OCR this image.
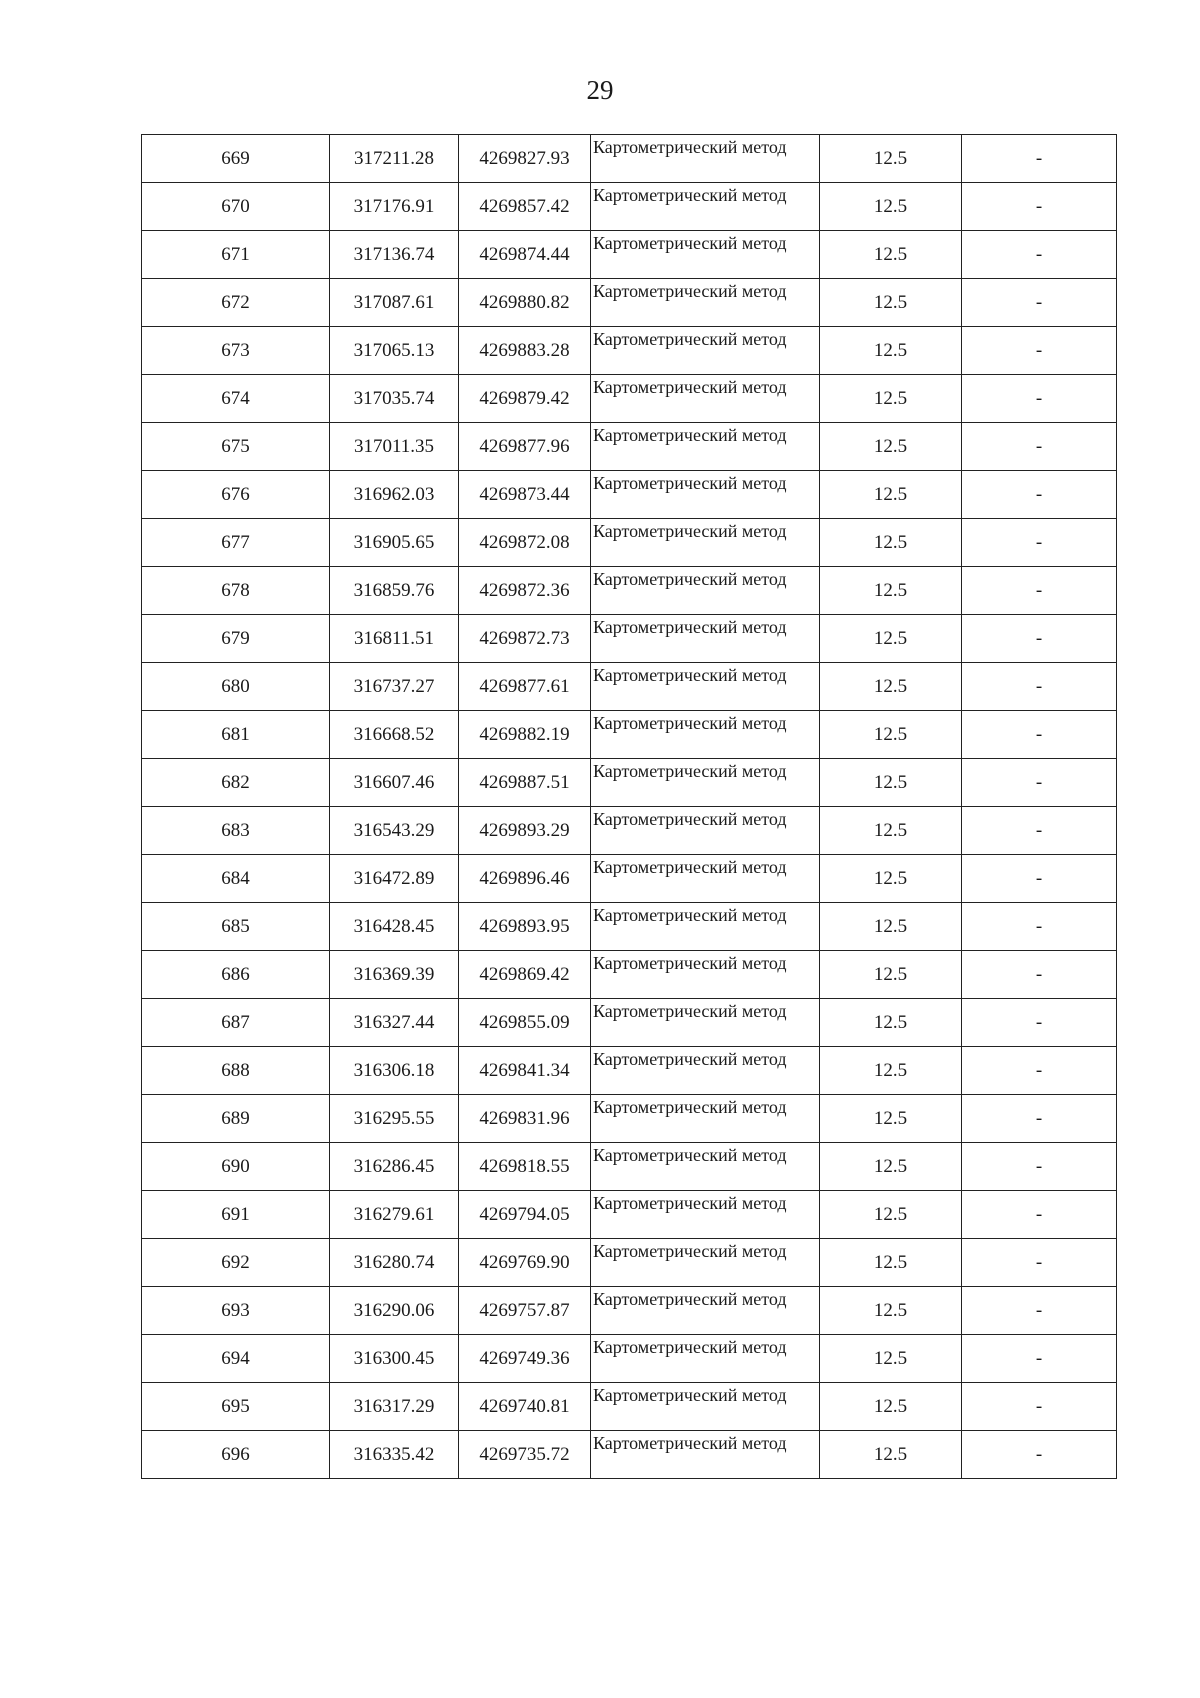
29
669	317211.28	4269827.93	Картометрический метод	12.5	-
670	317176.91	4269857.42	Картометрический метод	12.5	-
671	317136.74	4269874.44	Картометрический метод	12.5	-
672	317087.61	4269880.82	Картометрический метод	12.5	-
673	317065.13	4269883.28	Картометрический метод	12.5	-
674	317035.74	4269879.42	Картометрический метод	12.5	-
675	317011.35	4269877.96	Картометрический метод	12.5	-
676	316962.03	4269873.44	Картометрический метод	12.5	-
677	316905.65	4269872.08	Картометрический метод	12.5	-
678	316859.76	4269872.36	Картометрический метод	12.5	-
679	316811.51	4269872.73	Картометрический метод	12.5	-
680	316737.27	4269877.61	Картометрический метод	12.5	-
681	316668.52	4269882.19	Картометрический метод	12.5	-
682	316607.46	4269887.51	Картометрический метод	12.5	-
683	316543.29	4269893.29	Картометрический метод	12.5	-
684	316472.89	4269896.46	Картометрический метод	12.5	-
685	316428.45	4269893.95	Картометрический метод	12.5	-
686	316369.39	4269869.42	Картометрический метод	12.5	-
687	316327.44	4269855.09	Картометрический метод	12.5	-
688	316306.18	4269841.34	Картометрический метод	12.5	-
689	316295.55	4269831.96	Картометрический метод	12.5	-
690	316286.45	4269818.55	Картометрический метод	12.5	-
691	316279.61	4269794.05	Картометрический метод	12.5	-
692	316280.74	4269769.90	Картометрический метод	12.5	-
693	316290.06	4269757.87	Картометрический метод	12.5	-
694	316300.45	4269749.36	Картометрический метод	12.5	-
695	316317.29	4269740.81	Картометрический метод	12.5	-
696	316335.42	4269735.72	Картометрический метод	12.5	-
